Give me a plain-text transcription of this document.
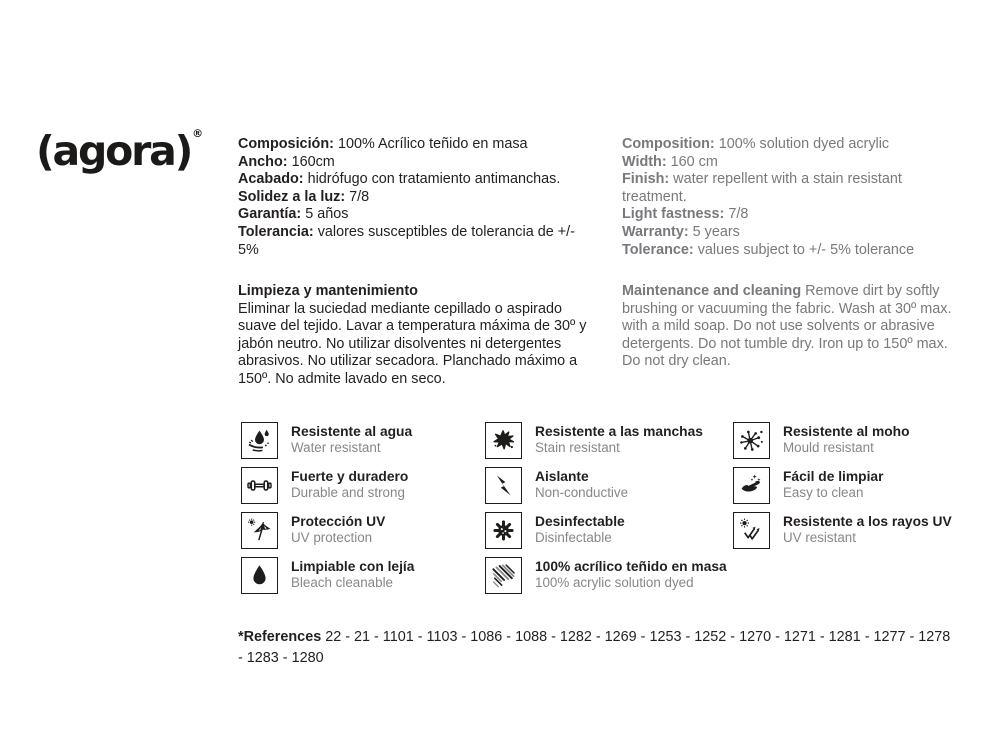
(agora)®
Composición: 100% Acrílico teñido en masa
Ancho: 160cm
Acabado: hidrófugo con tratamiento antimanchas.
Solidez a la luz: 7/8
Garantía: 5 años
Tolerancia: valores susceptibles de tolerancia de +/- 5%
Composition: 100% solution dyed acrylic
Width: 160 cm
Finish: water repellent with a stain resistant treatment.
Light fastness: 7/8
Warranty: 5 years
Tolerance: values subject to +/- 5% tolerance
Limpieza y mantenimiento

Eliminar la suciedad mediante cepillado o aspirado suave del tejido. Lavar a temperatura máxima de 30º y jabón neutro. No utilizar disolventes ni detergentes abrasivos. No utilizar secadora. Planchado máximo a 150º. No admite lavado en seco.

Maintenance and cleaning Remove dirt by softly brushing or vacuuming the fabric. Wash at 30º max. with a mild soap. Do not use solvents or abrasive detergents. Do not tumble dry. Iron up to 150º max. Do not dry clean.

Resistente al agua
Water resistant
Fuerte y duradero
Durable and strong
Protección UV
UV protection
Limpiable con lejía
Bleach cleanable
Resistente a las manchas
Stain resistant
Aislante
Non-conductive
Desinfectable
Disinfectable
100% acrílico teñido en masa
100% acrylic solution dyed
Resistente al moho
Mould resistant
Fácil de limpiar
Easy to clean
Resistente a los rayos UV
UV resistant

*References 22 - 21 - 1101 - 1103 - 1086 - 1088 - 1282 - 1269 - 1253 - 1252 - 1270 - 1271 - 1281 - 1277 - 1278 - 1283 - 1280
